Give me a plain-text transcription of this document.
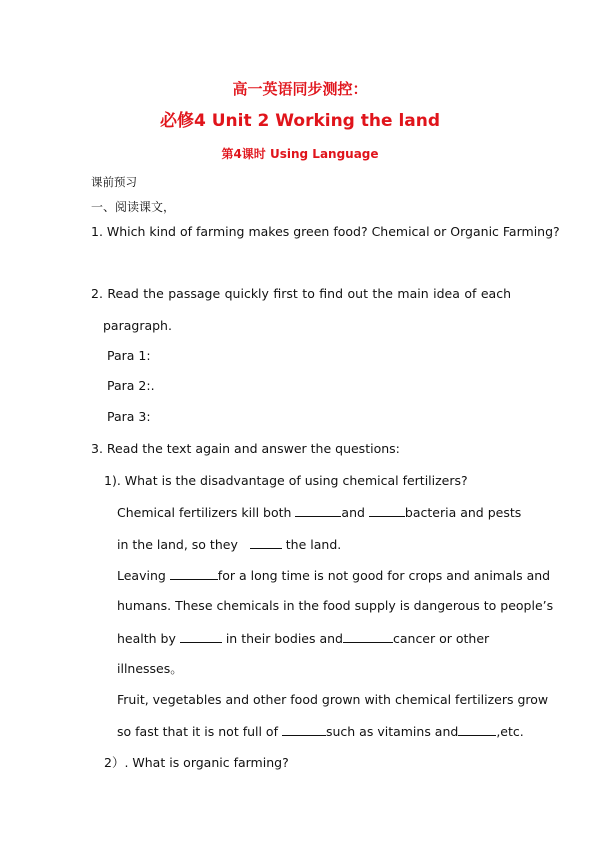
高一英语同步测控：
必修4 Unit 2 Working the land
第4课时 Using Language
课前预习
一、阅读课文，
1. Which kind of farming makes green food? Chemical or Organic Farming?
2. Read the passage quickly first to find out the main idea of each
paragraph.
Para 1:
Para 2:.
Para 3:
3. Read the text again and answer the questions:
1). What is the disadvantage of using chemical fertilizers?
Chemical fertilizers kill both	and	bacteria and pests
in the land, so they	the land.
Leaving	for a long time is not good for crops and animals and
humans. These chemicals in the food supply is dangerous to people’s
health by	in their bodies and	cancer or other
illnesses。
Fruit, vegetables and other food grown with chemical fertilizers grow
so fast that it is not full of	such as vitamins and	,etc.
2）. What is organic farming?
